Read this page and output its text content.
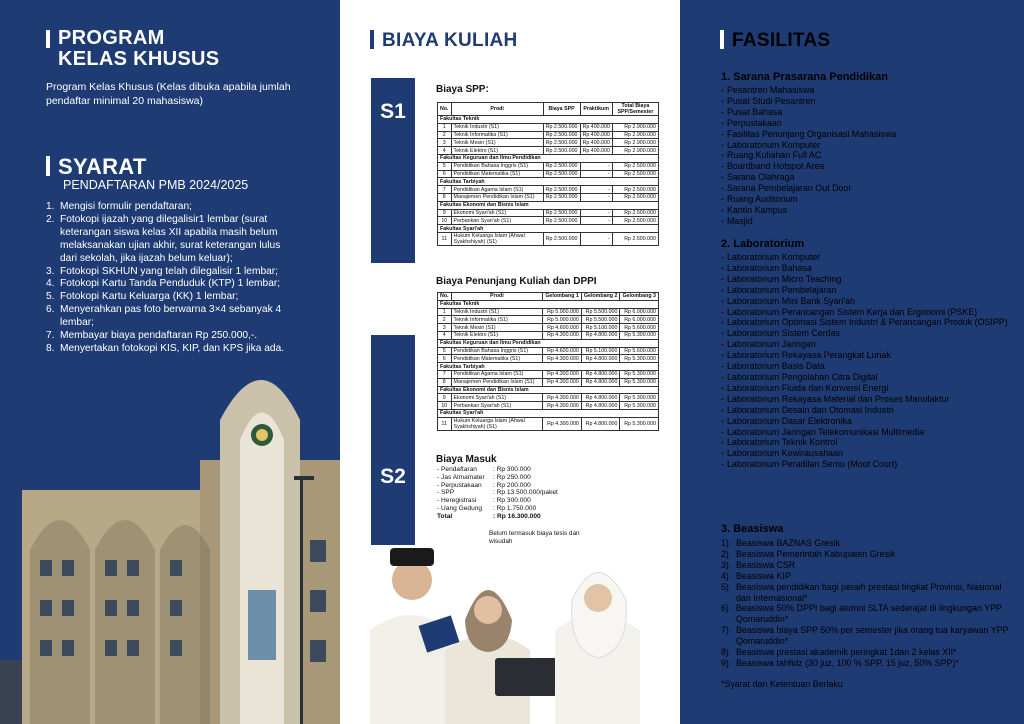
PROGRAM
KELAS KHUSUS

Program Kelas Khusus (Kelas dibuka apabila jumlah pendaftar minimal 20 mahasiswa)

SYARAT
PENDAFTARAN PMB 2024/2025
1. Mengisi formulir pendaftaran;
2. Fotokopi ijazah yang dilegalisir1 lembar (surat keterangan siswa kelas XII apabila masih belum melaksanakan ujian akhir, surat keterangan lulus dari sekolah, jika ijazah belum keluar);
3. Fotokopi SKHUN yang telah dilegalisir 1 lembar;
4. Fotokopi Kartu Tanda Penduduk (KTP) 1 lembar;
5. Fotokopi Kartu Keluarga (KK) 1 lembar;
6. Menyerahkan pas foto berwarna 3×4 sebanyak 4 lembar;
7. Membayar biaya pendaftaran Rp 250.000,-.
8. Menyertakan fotokopi KIS, KIP, dan KPS jika ada.
BIAYA KULIAH
S1
S2
Biaya SPP:
No.	Prodi	Biaya SPP	Praktikum	Total Biaya SPP/Semester
Fakultas Teknik				
1	Teknik Industri (S1)	Rp 2.500.000	Rp 400.000	Rp 2.900.000
2	Teknik Informatika (S1)	Rp 2.500.000	Rp 400.000	Rp 2.900.000
3	Teknik Mesin (S1)	Rp 2.500.000	Rp 400.000	Rp 2.900.000
4	Teknik Elektro (S1)	Rp 2.500.000	Rp 400.000	Rp 2.900.000
Fakultas Keguruan dan Ilmu Pendidikan				
5	Pendidikan Bahasa Inggris (S1)	Rp 2.500.000	-	Rp 2.500.000
6	Pendidikan Matematika (S1)	Rp 2.500.000	-	Rp 2.500.000
Fakultas Tarbiyah				
7	Pendidikan Agama Islam (S1)	Rp 2.500.000	-	Rp 2.500.000
8	Manajemen Pendidikan Islam (S1)	Rp 2.500.000	-	Rp 2.500.000
Fakultas Ekonomi dan Bisnis Islam				
9	Ekonomi Syari'ah (S1)	Rp 2.500.000	-	Rp 2.500.000
10	Perbankan Syari'ah (S1)	Rp 2.500.000	-	Rp 2.500.000
Fakultas Syari'ah				
11	Hukum Keluarga Islam (Ahwal Syakhshiyah) (S1)	Rp 2.500.000	-	Rp 2.500.000
Biaya Penunjang Kuliah dan DPPI
No.	Prodi	Gelombang 1	Gelombang 2	Gelombang 3
Fakultas Teknik				
1	Teknik Industri (S1)	Rp 5.000.000	Rp 5.500.000	Rp 6.000.000
2	Teknik Informatika (S1)	Rp 5.000.000	Rp 5.500.000	Rp 6.000.000
3	Teknik Mesin (S1)	Rp 4.600.000	Rp 5.100.000	Rp 5.600.000
4	Teknik Elektro (S1)	Rp 4.300.000	Rp 4.800.000	Rp 5.300.000
Fakultas Keguruan dan Ilmu Pendidikan				
5	Pendidikan Bahasa Inggris (S1)	Rp 4.600.000	Rp 5.100.000	Rp 5.600.000
6	Pendidikan Matematika (S1)	Rp 4.300.000	Rp 4.800.000	Rp 5.300.000
Fakultas Tarbiyah				
7	Pendidikan Agama Islam (S1)	Rp 4.300.000	Rp 4.800.000	Rp 5.300.000
8	Manajemen Pendidikan Islam (S1)	Rp 4.300.000	Rp 4.800.000	Rp 5.300.000
Fakultas Ekonomi dan Bisnis Islam				
9	Ekonomi Syari'ah (S1)	Rp 4.300.000	Rp 4.800.000	Rp 5.300.000
10	Perbankan Syari'ah (S1)	Rp 4.300.000	Rp 4.800.000	Rp 5.300.000
Fakultas Syari'ah				
11	Hukum Keluarga Islam (Ahwal Syakhshiyah) (S1)	Rp 4.300.000	Rp 4.800.000	Rp 5.300.000
Biaya Masuk
- Pendaftaran	: Rp 300.000
- Jas Almamater	: Rp 250.000
- Perpustakaan	: Rp 200.000
- SPP	: Rp 13.500.000/paket
- Heregistrasi	: Rp 300.000
- Uang Gedung	: Rp 1.750.000
Total	: Rp 16.300.000

Belum termasuk biaya tesis dan wisudah

FASILITAS
1. Sarana Prasarana Pendidikan
- Pesantren Mahasiswa
- Pusat Studi Pesantren
- Pusat Bahasa
- Perpustakaan
- Fasilitas Penunjang Organisasi Mahasiswa
- Laboratorium Komputer
- Ruang Kuliahan Full AC
- Boardband Hotspot Area
- Sarana Olahraga
- Sarana Pembelajaran Out Door
- Ruang Auditorium
- Kantin Kampus
- Masjid
2. Laboratorium
- Laboratorium Komputer
- Laboratorium Bahasa
- Laboratorium Micro Teaching
- Laboratorium Pembelajaran
- Laboratorium Mini Bank Syari'ah
- Laboratorium Perancangan Sistem Kerja dan Ergonomi (PSKE)
- Laboratorium Optimasi Sistem Industri & Perancangan Produk (OSIPP)
- Laboratorium Sistem Cerdas
- Laboratorium Jaringan
- Laboratorium Rekayasa Perangkat Lunak
- Laboratorium Basis Data
- Laboratorium Pengolahan Citra Digital
- Laboratorium Fluida dan Konversi Energi
- Laboratorium Rekayasa Material dan Proses Manufaktur
- Laboratorium Desain dan Otomasi Industri
- Laboratorium Dasar Elektronika
- Laboratorium Jaringan Telekomunikasi Multimedia
- Laboratorium Teknik Kontrol
- Laboratorium Kewirausahaan
- Laboratorium Peradilan Semu (Moot Court)
3. Beasiswa
1) Beasiswa BAZNAS Gresik
2) Beasiswa Pemerintah Kabupaten Gresik
3) Beasiswa CSR
4) Beasiswa KIP
5) Beasiswa pendidikan bagi peraih prestasi tingkat Provinsi, Nasional dan Internasional*
6) Beasiswa 50% DPPI bagi alumni SLTA sederajat di lingkungan YPP Qomaruddin*
7) Beasiswa biaya SPP 50% per semester jika orang tua karyawan YPP Qomaruddin*
8) Beasiswa prestasi akademik peringkat 1dan 2 kelas XII*
9) Beasiswa tahfidz (30 juz, 100 % SPP. 15 juz, 50% SPP)*
*Syarat dan Ketentuan Berlaku
